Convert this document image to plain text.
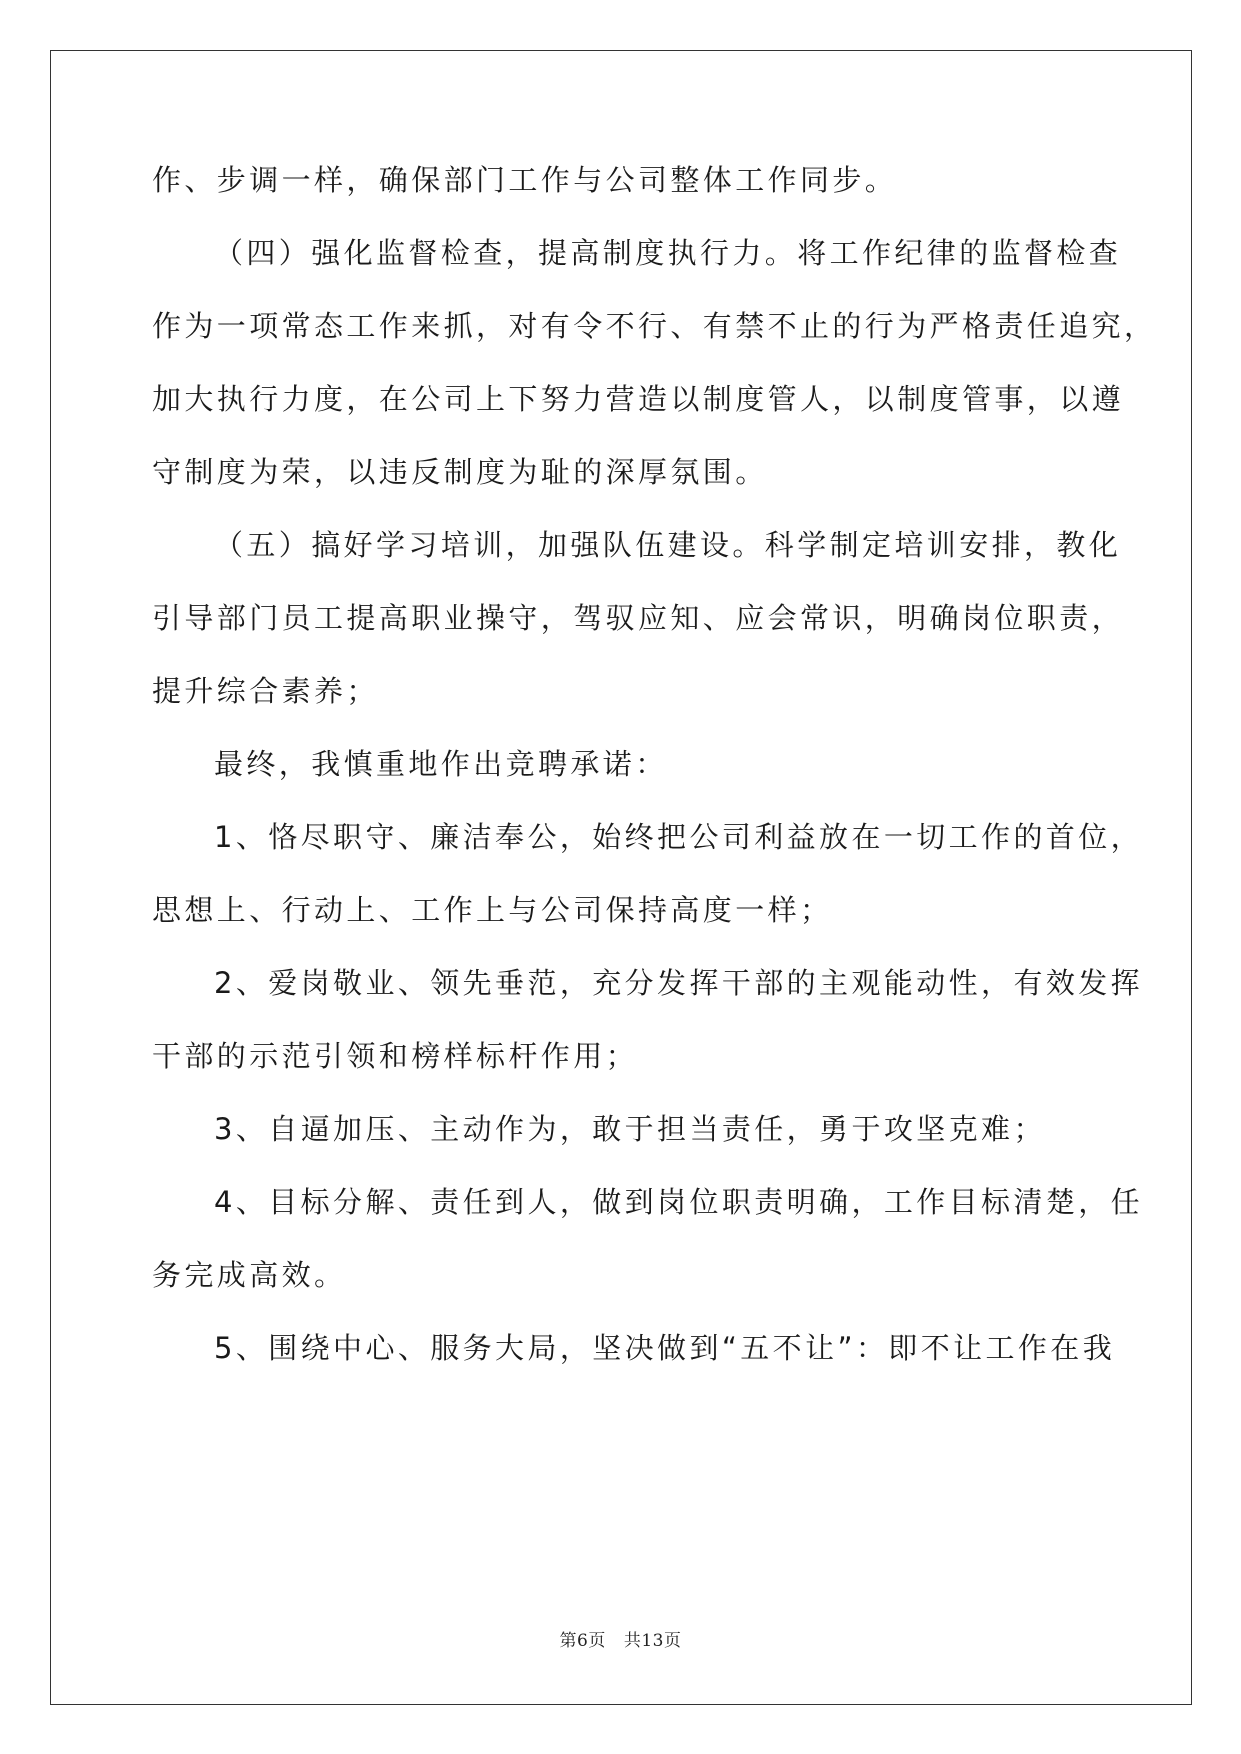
作、步调一样，确保部门工作与公司整体工作同步。
（四）强化监督检查，提高制度执行力。将工作纪律的监督检查
作为一项常态工作来抓，对有令不行、有禁不止的行为严格责任追究，
加大执行力度，在公司上下努力营造以制度管人，以制度管事，以遵
守制度为荣，以违反制度为耻的深厚氛围。
（五）搞好学习培训，加强队伍建设。科学制定培训安排，教化
引导部门员工提高职业操守，驾驭应知、应会常识，明确岗位职责，
提升综合素养；
最终，我慎重地作出竞聘承诺：
1、恪尽职守、廉洁奉公，始终把公司利益放在一切工作的首位，
思想上、行动上、工作上与公司保持高度一样；
2、爱岗敬业、领先垂范，充分发挥干部的主观能动性，有效发挥
干部的示范引领和榜样标杆作用；
3、自逼加压、主动作为，敢于担当责任，勇于攻坚克难；
4、目标分解、责任到人，做到岗位职责明确，工作目标清楚，任
务完成高效。
5、围绕中心、服务大局，坚决做到“五不让”：即不让工作在我
第6页 共13页
